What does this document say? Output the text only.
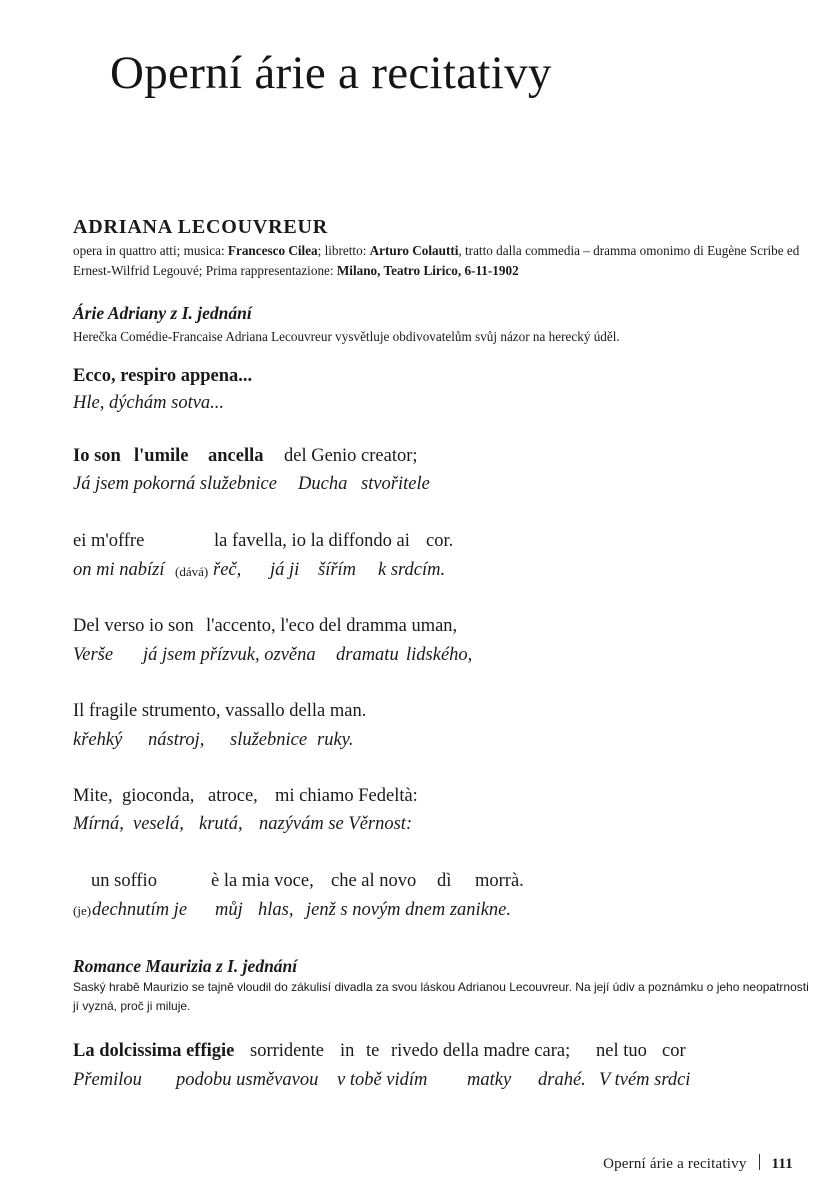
Operní árie a recitativy
ADRIANA LECOUVREUR
opera in quattro atti; musica: Francesco Cilea; libretto: Arturo Colautti, tratto dalla commedia – dramma omonimo di Eugène Scribe ed Ernest-Wilfrid Legouvé; Prima rappresentazione: Milano, Teatro Lirico, 6-11-1902
Árie Adriany z I. jednání
Herečka Comédie-Francaise Adriana Lecouvreur vysvětluje obdivovatelům svůj názor na herecký úděl.
Ecco, respiro appena...
Hle, dýchám sotva...
Io son l'umile ancella del Genio creator;
Já jsem pokorná služebnice Ducha stvořitele
ei m'offre	la favella, io la diffondo ai cor.
on mi nabízí (dává) řeč, já ji šířím k srdcím.
Del verso io son l'accento, l'eco del dramma uman,
Verše já jsem přízvuk, ozvěna dramatu lidského,
Il fragile strumento, vassallo della man.
křehký nástroj, služebnice ruky.
Mite, gioconda, atroce, mi chiamo Fedeltà:
Mírná, veselá, krutá, nazývám se Věrnost:
un soffio	è la mia voce, che al novo dì morrà.
(je) dechnutím je můj hlas, jenž s novým dnem zanikne.
Romance Maurizia z I. jednání
Saský hrabě Maurizio se tajně vloudil do zákulisí divadla za svou láskou Adrianou Lecouvreur. Na její údiv a poznámku o jeho neopatrnosti jí vyzná, proč ji miluje.
La dolcissima effigie sorridente in te rivedo della madre cara; nel tuo cor
Přemilou podobu usměvavou v tobě vidím matky drahé. V tvém srdci
Operní árie a recitativy 111
